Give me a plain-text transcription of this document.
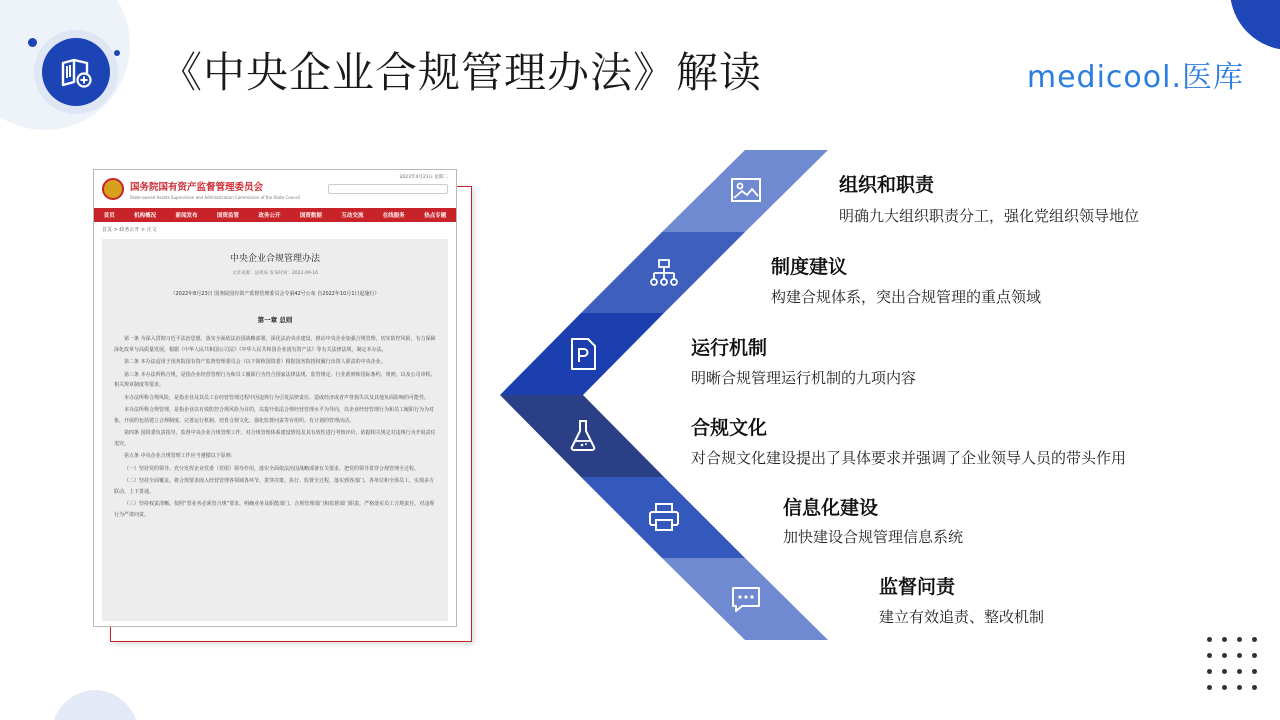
《中央企业合规管理办法》解读	medicool.医库
国务院国有资产监督管理委员会
State-owned Assets Supervision and Administration Commission of the State Council
2023年4月21日 星期二
首页	机构概况	新闻发布	国资监管	政务公开	国资数据	互动交流	在线服务	热点专题
首页 > 政务公开 > 正文
中央企业合规管理办法
文章来源：法规局 发布时间：2022-09-16
（2022年8月23日 国务院国有资产监督管理委员会令第42号公布 自2022年10月1日起施行）
第一章 总则
第一条 为深入贯彻习近平法治思想，落实全面依法治国战略部署，深化法治央企建设，推动中央企业加强合规管理，切实防控风险，有力保障深化改革与高质量发展，根据《中华人民共和国公司法》《中华人民共和国企业国有资产法》等有关法律法规，制定本办法。
第二条 本办法适用于国务院国有资产监督管理委员会（以下简称国资委）根据国务院授权履行出资人职责的中央企业。
第三条 本办法所称合规，是指企业经营管理行为和员工履职行为符合国家法律法规、监管规定、行业准则和国际条约、规则，以及公司章程、相关规章制度等要求。
本办法所称合规风险，是指企业及其员工在经营管理过程中因违规行为引发法律责任、造成经济或者声誉损失以及其他负面影响的可能性。
本办法所称合规管理，是指企业以有效防控合规风险为目的，以提升依法合规经营管理水平为导向，以企业经营管理行为和员工履职行为为对象，开展的包括建立合规制度、完善运行机制、培育合规文化、强化监督问责等有组织、有计划的管理活动。
第四条 国资委负责指导、监督中央企业合规管理工作，对合规管理体系建设情况及其有效性进行考核评价，依据相关规定对违规行为开展责任追究。
第五条 中央企业合规管理工作应当遵循以下原则：
（一）坚持党的领导。充分发挥企业党委（党组）领导作用，落实全面依法治国战略部署有关要求，把党的领导贯穿合规管理全过程。
（二）坚持全面覆盖。将合规要求嵌入经营管理各领域各环节，贯穿决策、执行、监督全过程，落实到各部门、各单位和全体员工，实现多方联动、上下贯通。
（三）坚持权责清晰。按照“管业务必须管合规”要求，明确业务及职能部门、合规管理部门和监督部门职责，严格落实员工合规责任，对违规行为严肃问责。
组织和职责
明确九大组织职责分工，强化党组织领导地位
制度建议
构建合规体系，突出合规管理的重点领域
运行机制
明晰合规管理运行机制的九项内容
合规文化
对合规文化建设提出了具体要求并强调了企业领导人员的带头作用
信息化建设
加快建设合规管理信息系统
监督问责
建立有效追责、整改机制
